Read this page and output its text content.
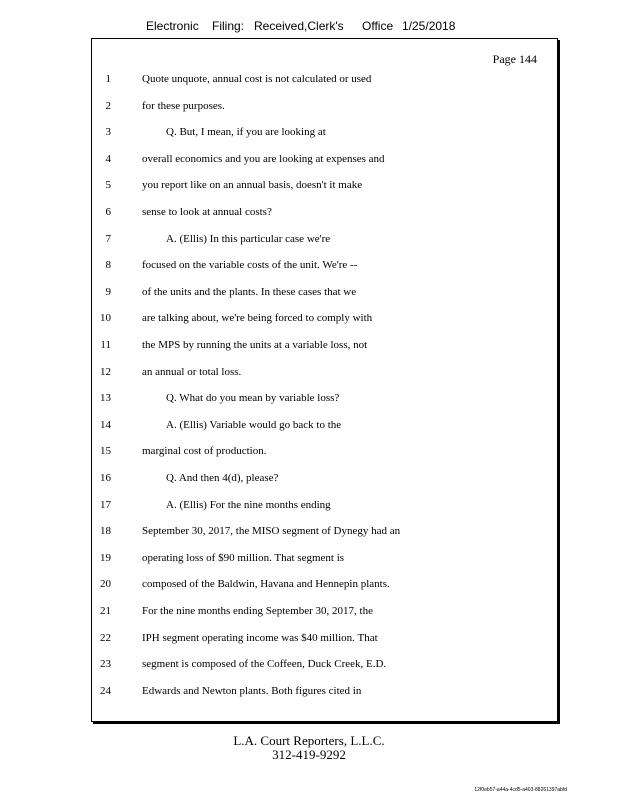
Electronic Filing: Received,Clerk's Office 1/25/2018
Page 144
1	Quote unquote, annual cost is not calculated or used
2	for these purposes.
3	Q. But, I mean, if you are looking at
4	overall economics and you are looking at expenses and
5	you report like on an annual basis, doesn't it make
6	sense to look at annual costs?
7	A. (Ellis) In this particular case we're
8	focused on the variable costs of the unit. We're --
9	of the units and the plants. In these cases that we
10	are talking about, we're being forced to comply with
11	the MPS by running the units at a variable loss, not
12	an annual or total loss.
13	Q. What do you mean by variable loss?
14	A. (Ellis) Variable would go back to the
15	marginal cost of production.
16	Q. And then 4(d), please?
17	A. (Ellis) For the nine months ending
18	September 30, 2017, the MISO segment of Dynegy had an
19	operating loss of $90 million. That segment is
20	composed of the Baldwin, Havana and Hennepin plants.
21	For the nine months ending September 30, 2017, the
22	IPH segment operating income was $40 million. That
23	segment is composed of the Coffeen, Duck Creek, E.D.
24	Edwards and Newton plants. Both figures cited in
L.A. Court Reporters, L.L.C.
312-419-9292
12f0eb57-a44a-4cd5-a403-88261397abfd
